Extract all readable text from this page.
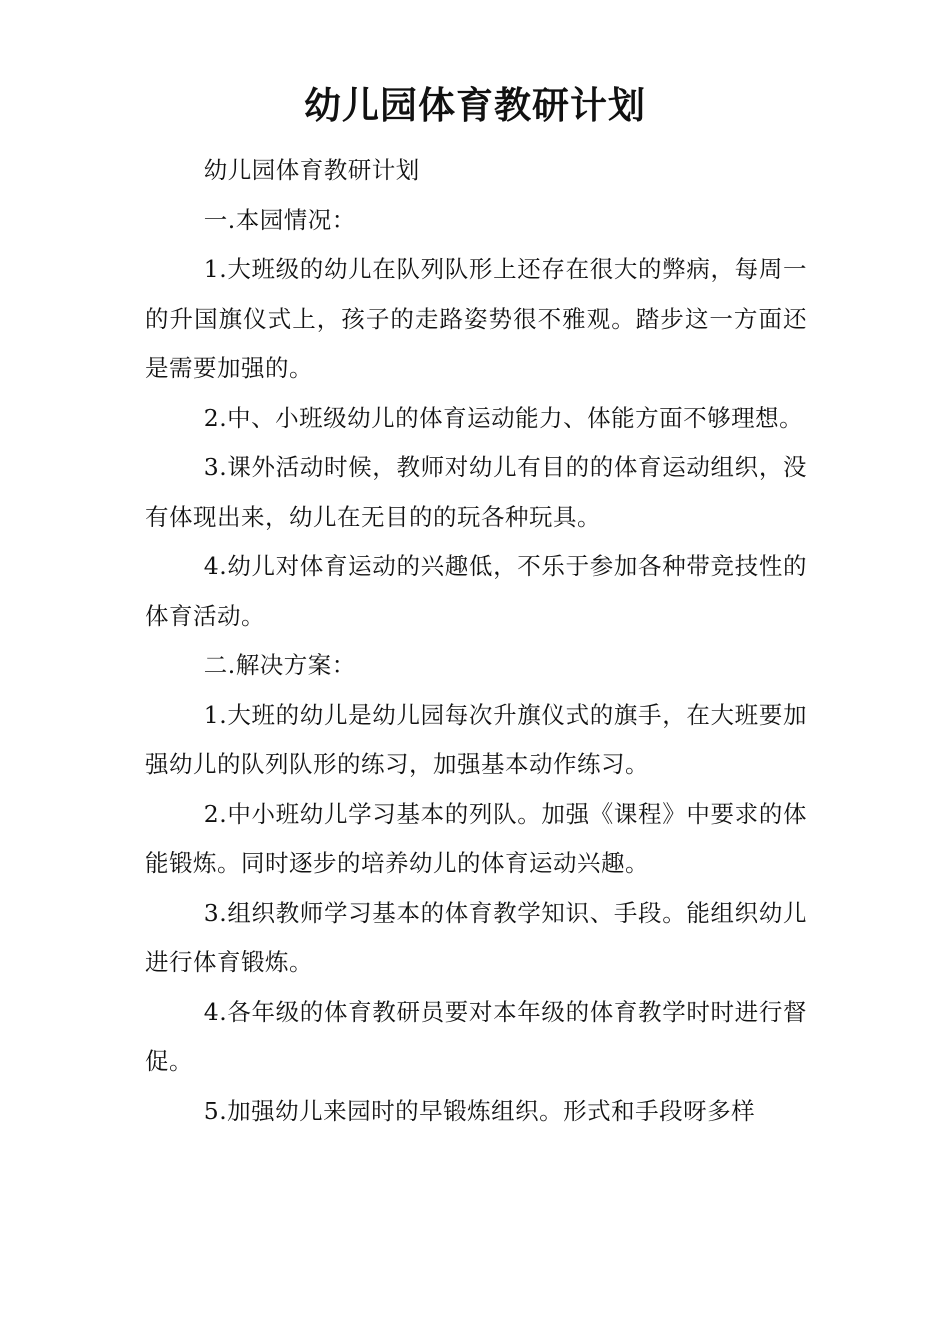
幼儿园体育教研计划

幼儿园体育教研计划

一.本园情况：

1.大班级的幼儿在队列队形上还存在很大的弊病，每周一的升国旗仪式上，孩子的走路姿势很不雅观。踏步这一方面还是需要加强的。

2.中、小班级幼儿的体育运动能力、体能方面不够理想。

3.课外活动时候，教师对幼儿有目的的体育运动组织，没有体现出来，幼儿在无目的的玩各种玩具。

4.幼儿对体育运动的兴趣低，不乐于参加各种带竞技性的体育活动。

二.解决方案：

1.大班的幼儿是幼儿园每次升旗仪式的旗手，在大班要加强幼儿的队列队形的练习，加强基本动作练习。

2.中小班幼儿学习基本的列队。加强《课程》中要求的体能锻炼。同时逐步的培养幼儿的体育运动兴趣。

3.组织教师学习基本的体育教学知识、手段。能组织幼儿进行体育锻炼。

4.各年级的体育教研员要对本年级的体育教学时时进行督促。

5.加强幼儿来园时的早锻炼组织。形式和手段呀多样
